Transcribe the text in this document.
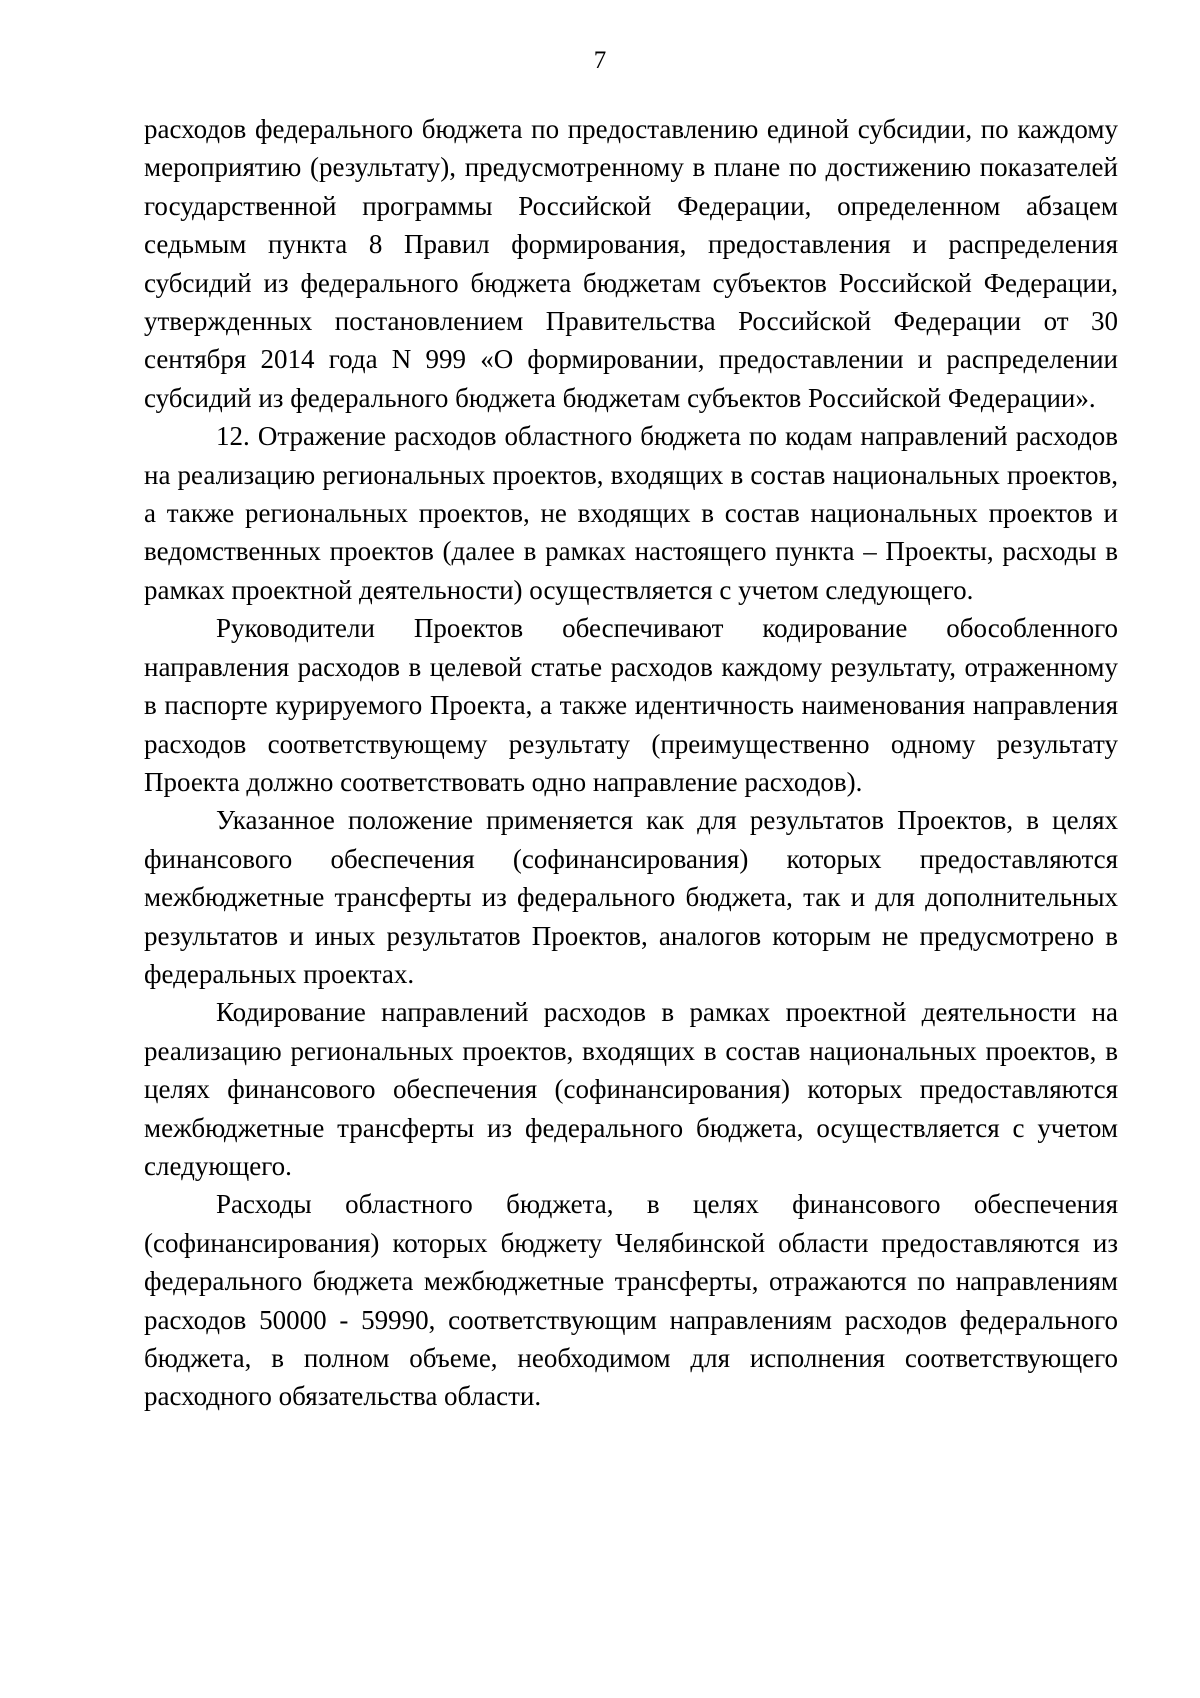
7

расходов федерального бюджета по предоставлению единой субсидии, по каждому мероприятию (результату), предусмотренному в плане по достижению показателей государственной программы Российской Федерации, определенном абзацем седьмым пункта 8 Правил формирования, предоставления и распределения субсидий из федерального бюджета бюджетам субъектов Российской Федерации, утвержденных постановлением Правительства Российской Федерации от 30 сентября 2014 года N 999 «О формировании, предоставлении и распределении субсидий из федерального бюджета бюджетам субъектов Российской Федерации».

12. Отражение расходов областного бюджета по кодам направлений расходов на реализацию региональных проектов, входящих в состав национальных проектов, а также региональных проектов, не входящих в состав национальных проектов и ведомственных проектов (далее в рамках настоящего пункта – Проекты, расходы в рамках проектной деятельности) осуществляется с учетом следующего.

Руководители Проектов обеспечивают кодирование обособленного направления расходов в целевой статье расходов каждому результату, отраженному в паспорте курируемого Проекта, а также идентичность наименования направления расходов соответствующему результату (преимущественно одному результату Проекта должно соответствовать одно направление расходов).

Указанное положение применяется как для результатов Проектов, в целях финансового обеспечения (софинансирования) которых предоставляются межбюджетные трансферты из федерального бюджета, так и для дополнительных результатов и иных результатов Проектов, аналогов которым не предусмотрено в федеральных проектах.

Кодирование направлений расходов в рамках проектной деятельности на реализацию региональных проектов, входящих в состав национальных проектов, в целях финансового обеспечения (софинансирования) которых предоставляются межбюджетные трансферты из федерального бюджета, осуществляется с учетом следующего.

Расходы областного бюджета, в целях финансового обеспечения (софинансирования) которых бюджету Челябинской области предоставляются из федерального бюджета межбюджетные трансферты, отражаются по направлениям расходов 50000 - 59990, соответствующим направлениям расходов федерального бюджета, в полном объеме, необходимом для исполнения соответствующего расходного обязательства области.
